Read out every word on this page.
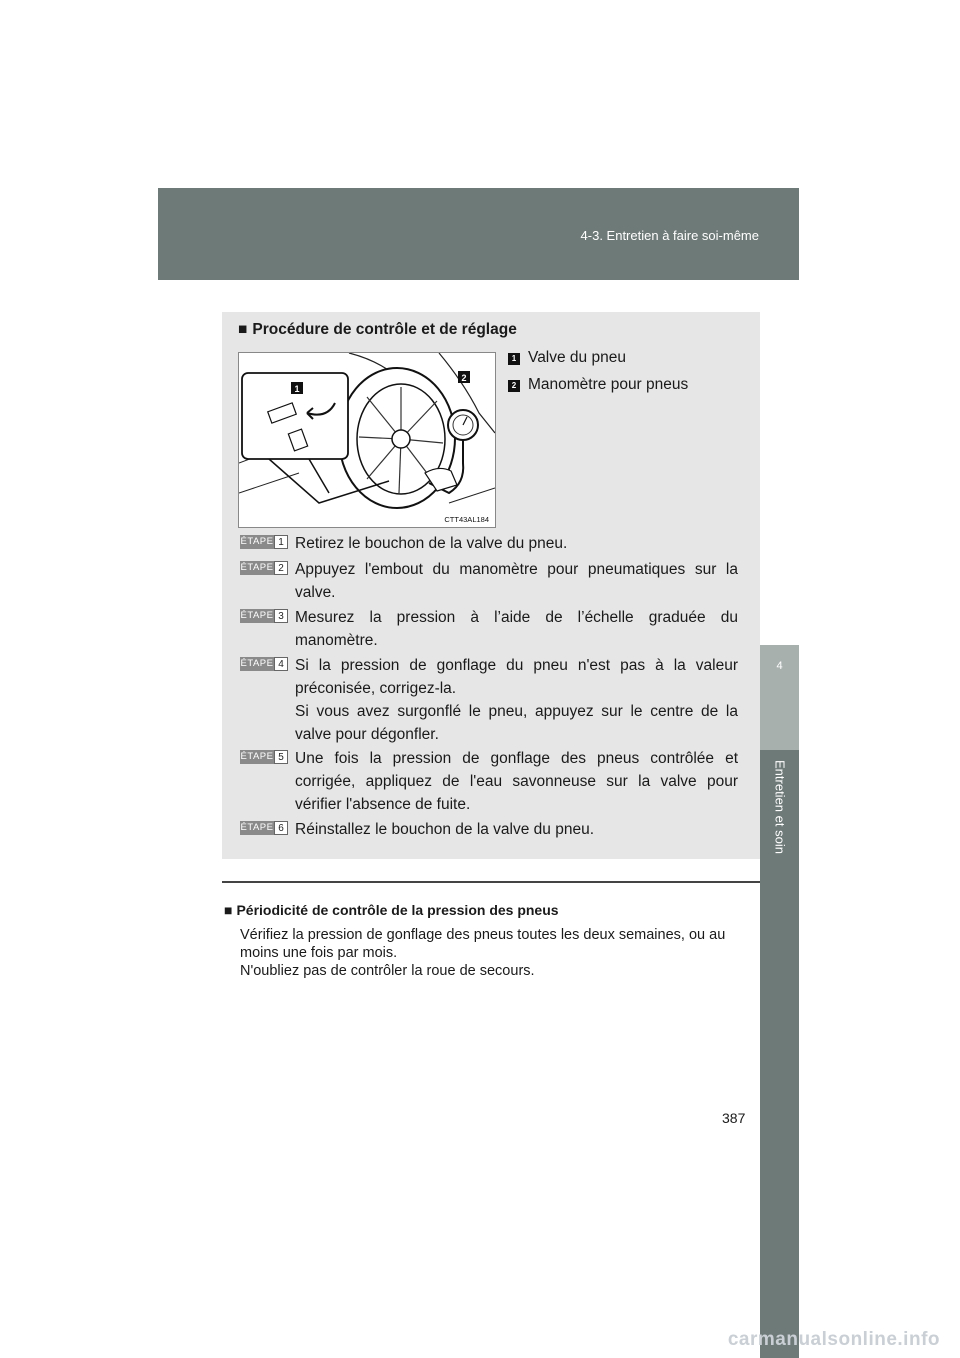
4-3. Entretien à faire soi-même
4
Entretien et soin
■ Procédure de contrôle et de réglage
1
2
CTT43AL184
1 Valve du pneu
2 Manomètre pour pneus
ÉTAPE 1 Retirez le bouchon de la valve du pneu.

ÉTAPE 2 Appuyez l'embout du manomètre pour pneumatiques sur la valve.

ÉTAPE 3 Mesurez la pression à l’aide de l’échelle graduée du manomètre.

ÉTAPE 4 Si la pression de gonflage du pneu n'est pas à la valeur préconisée, corrigez-la.

Si vous avez surgonflé le pneu, appuyez sur le centre de la valve pour dégonfler.

ÉTAPE 5 Une fois la pression de gonflage des pneus contrôlée et corrigée, appliquez de l'eau savonneuse sur la valve pour vérifier l'absence de fuite.

ÉTAPE 6 Réinstallez le bouchon de la valve du pneu.

■ Périodicité de contrôle de la pression des pneus

Vérifiez la pression de gonflage des pneus toutes les deux semaines, ou au moins une fois par mois.

N'oubliez pas de contrôler la roue de secours.

387
carmanualsonline.info
